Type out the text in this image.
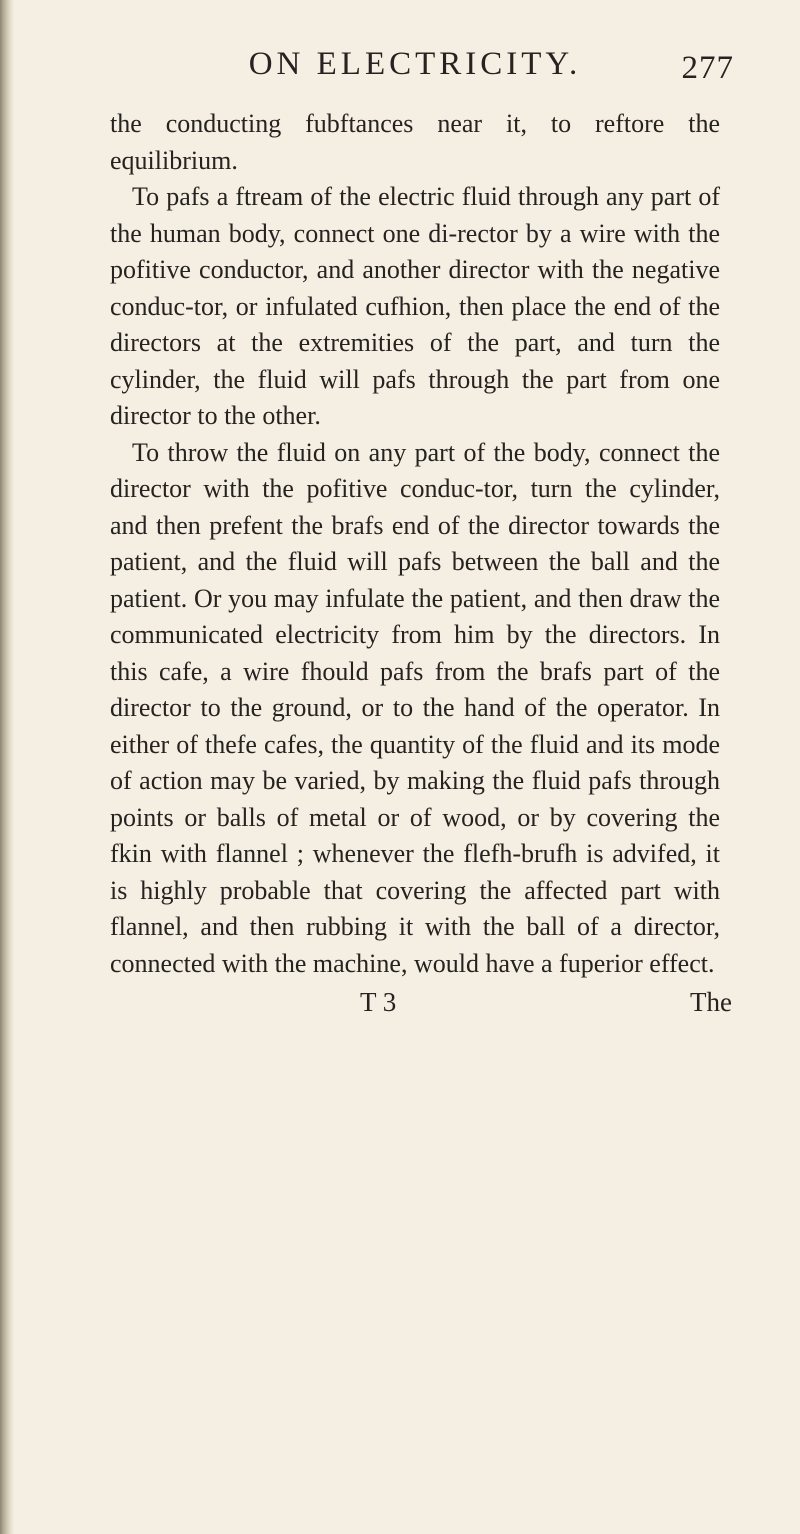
ON ELECTRICITY.	277

the conducting fubftances near it, to reftore the equilibrium.

To pafs a ftream of the electric fluid through any part of the human body, connect one di-rector by a wire with the pofitive conductor, and another director with the negative conduc-tor, or infulated cufhion, then place the end of the directors at the extremities of the part, and turn the cylinder, the fluid will pafs through the part from one director to the other.

To throw the fluid on any part of the body, connect the director with the pofitive conduc-tor, turn the cylinder, and then prefent the brafs end of the director towards the patient, and the fluid will pafs between the ball and the patient. Or you may infulate the patient, and then draw the communicated electricity from him by the directors. In this cafe, a wire fhould pafs from the brafs part of the director to the ground, or to the hand of the operator. In either of thefe cafes, the quantity of the fluid and its mode of action may be varied, by making the fluid pafs through points or balls of metal or of wood, or by covering the fkin with flannel ; whenever the flefh-brufh is advifed, it is highly probable that covering the affected part with flannel, and then rubbing it with the ball of a director, connected with the machine, would have a fuperior effect.

T 3	The
